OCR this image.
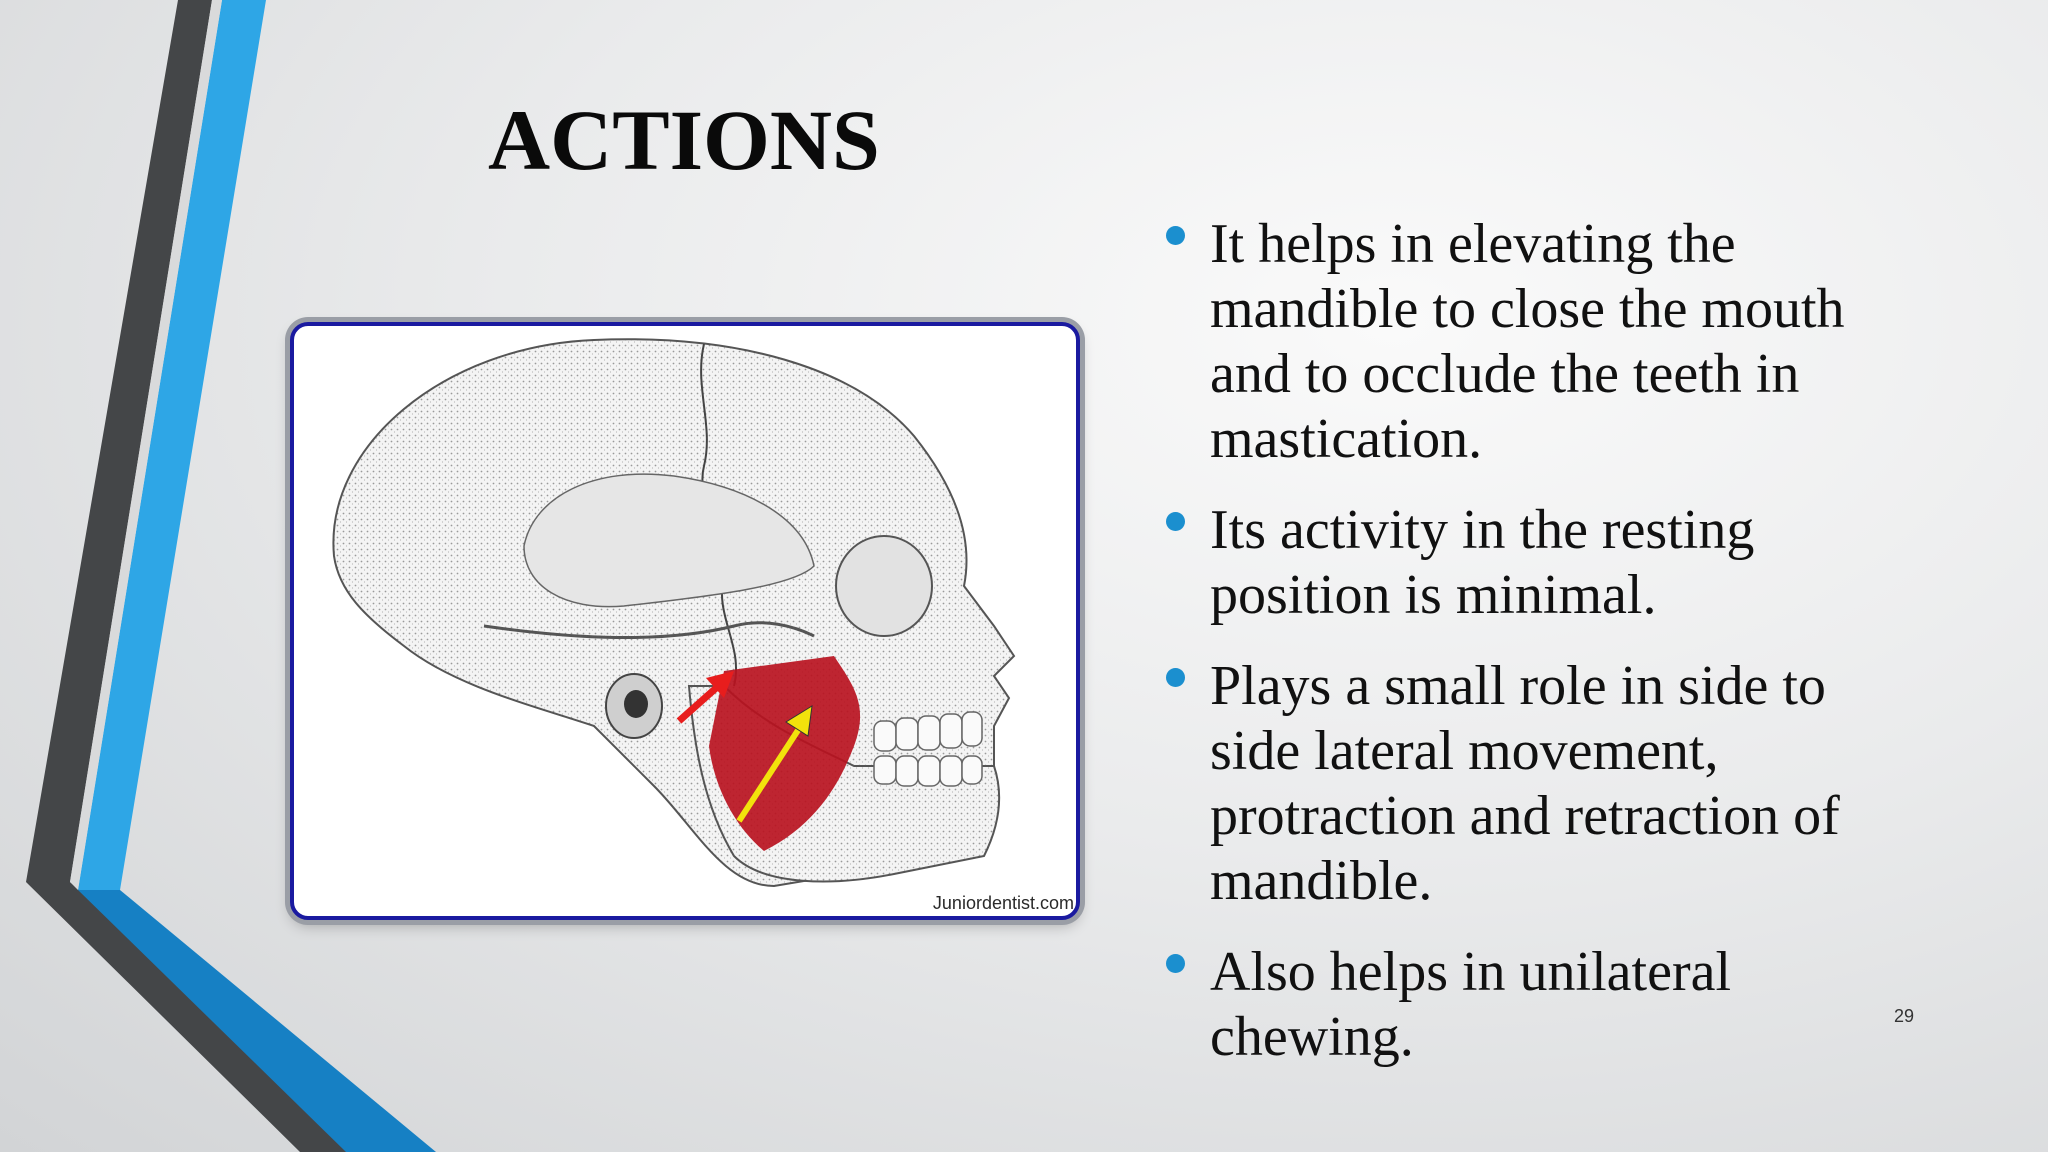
ACTIONS
Juniordentist.com
It helps in elevating the mandible to close the mouth and to occlude the teeth in mastication.
Its activity in the resting position is minimal.
Plays a small role in side to side lateral movement, protraction and retraction of mandible.
Also helps in unilateral chewing.	29
